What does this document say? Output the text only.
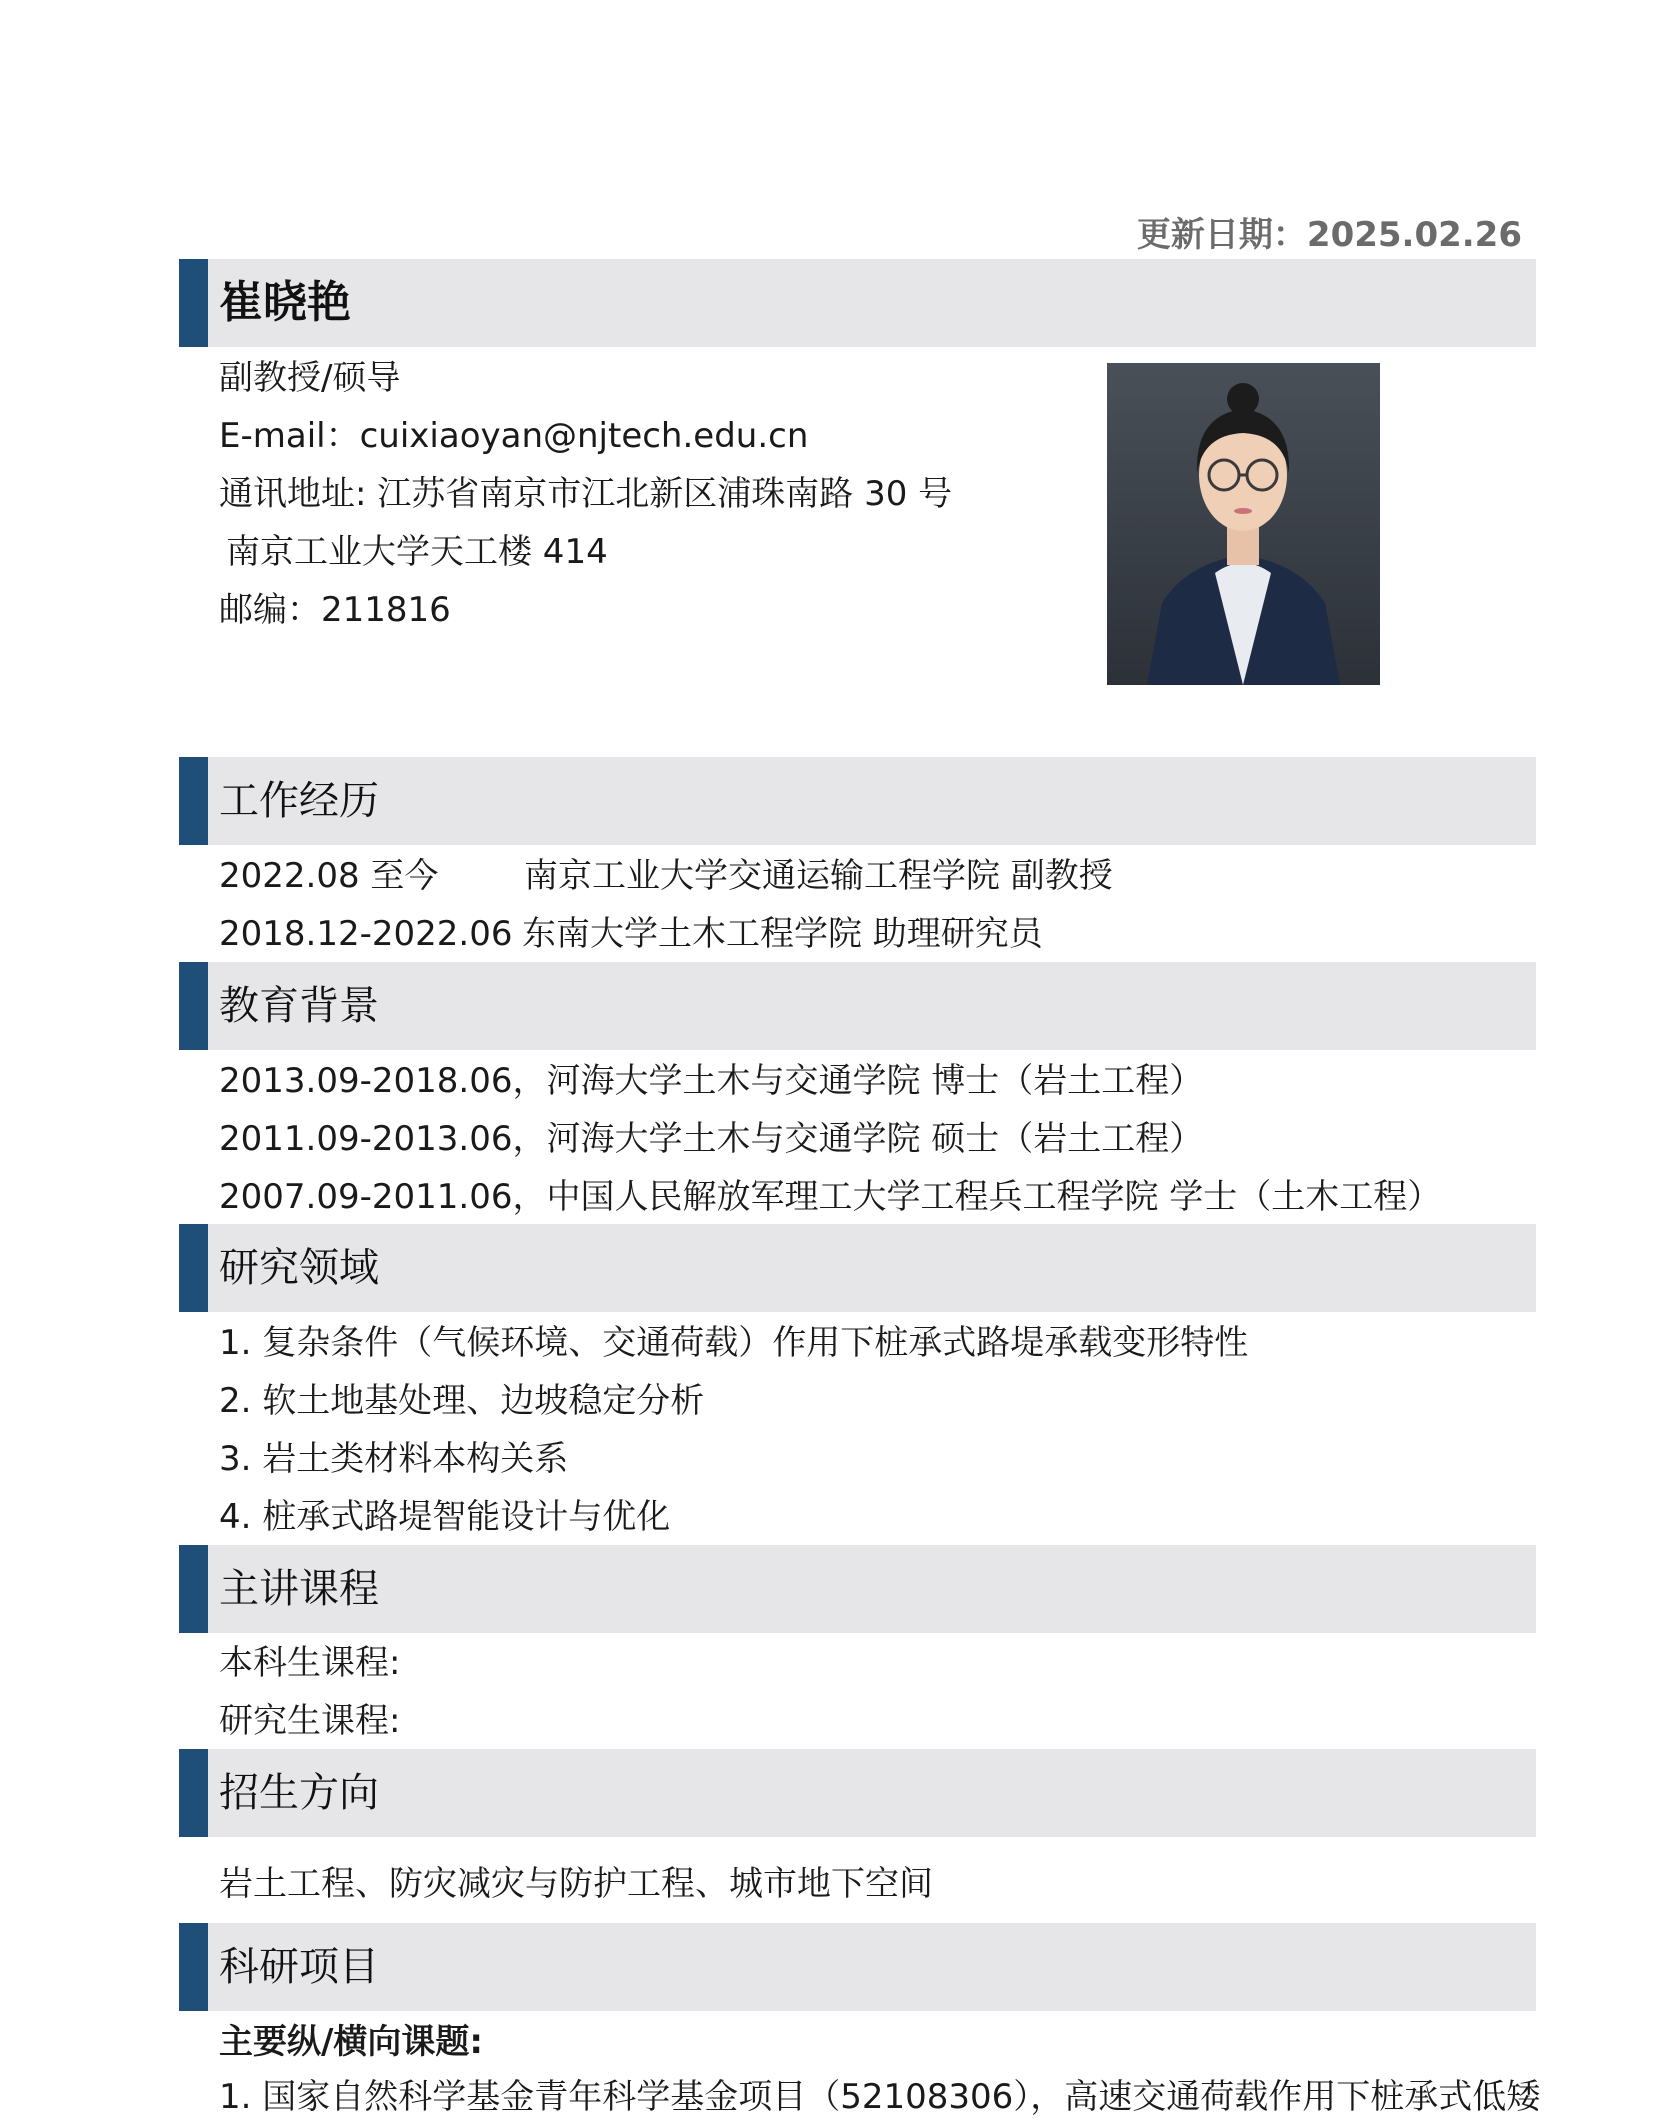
更新日期：2025.02.26
崔晓艳
副教授/硕导
E-mail：cuixiaoyan@njtech.edu.cn
通讯地址: 江苏省南京市江北新区浦珠南路 30 号
南京工业大学天工楼 414
邮编：211816
工作经历
2022.08 至今	南京工业大学交通运输工程学院 副教授
2018.12-2022.06 东南大学土木工程学院 助理研究员
教育背景
2013.09-2018.06，河海大学土木与交通学院 博士（岩土工程）
2011.09-2013.06，河海大学土木与交通学院 硕士（岩土工程）
2007.09-2011.06，中国人民解放军理工大学工程兵工程学院 学士（土木工程）
研究领域
1. 复杂条件（气候环境、交通荷载）作用下桩承式路堤承载变形特性
2. 软土地基处理、边坡稳定分析
3. 岩土类材料本构关系
4. 桩承式路堤智能设计与优化
主讲课程
本科生课程:
研究生课程:
招生方向
岩土工程、防灾减灾与防护工程、城市地下空间
科研项目
主要纵/横向课题:
1. 国家自然科学基金青年科学基金项目（52108306），高速交通荷载作用下桩承式低矮
